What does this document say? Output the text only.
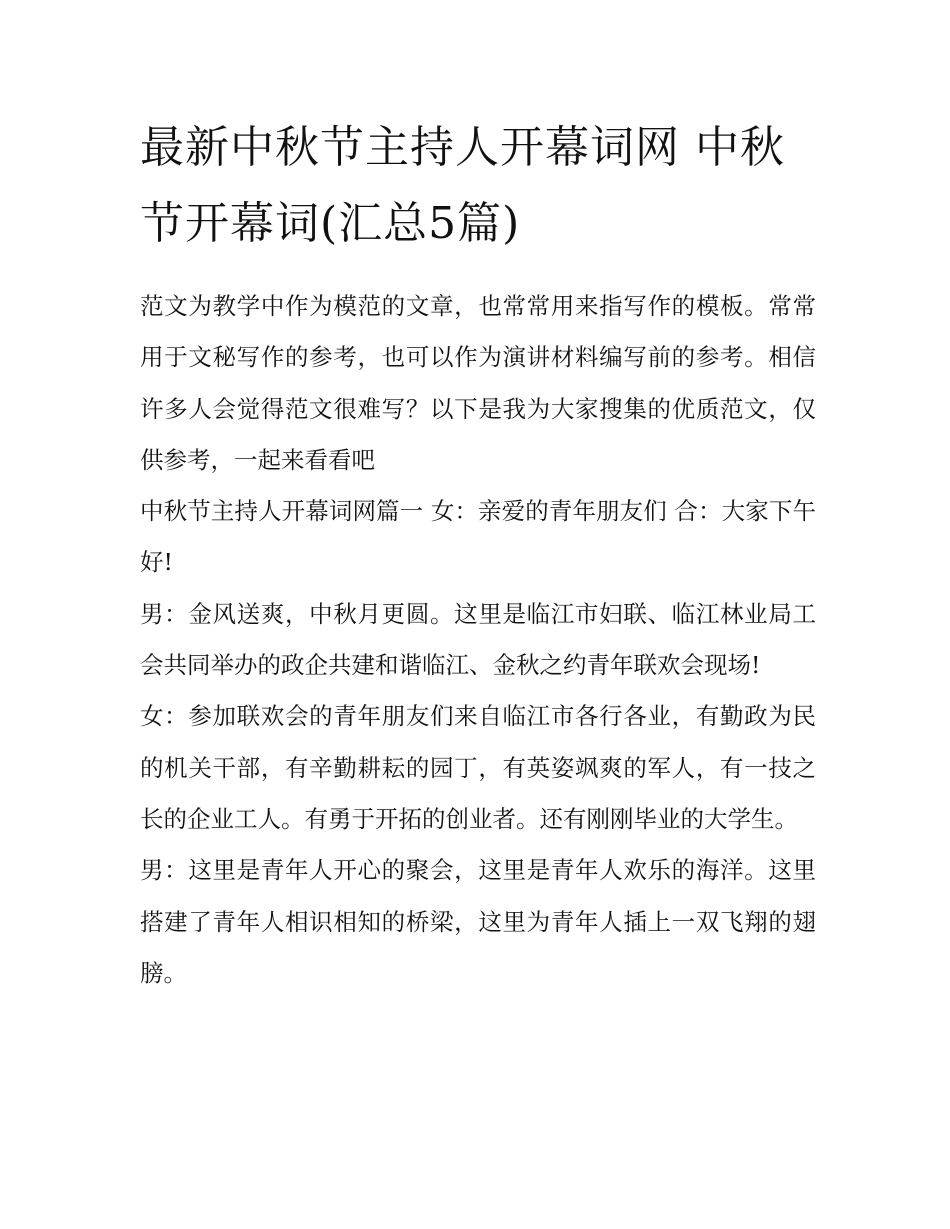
最新中秋节主持人开幕词网 中秋节开幕词(汇总5篇)

范文为教学中作为模范的文章，也常常用来指写作的模板。常常用于文秘写作的参考，也可以作为演讲材料编写前的参考。相信许多人会觉得范文很难写？以下是我为大家搜集的优质范文，仅供参考，一起来看看吧

中秋节主持人开幕词网篇一 女：亲爱的青年朋友们 合：大家下午好!

男：金风送爽，中秋月更圆。这里是临江市妇联、临江林业局工会共同举办的政企共建和谐临江、金秋之约青年联欢会现场!

女：参加联欢会的青年朋友们来自临江市各行各业，有勤政为民的机关干部，有辛勤耕耘的园丁，有英姿飒爽的军人，有一技之长的企业工人。有勇于开拓的创业者。还有刚刚毕业的大学生。

男：这里是青年人开心的聚会，这里是青年人欢乐的海洋。这里搭建了青年人相识相知的桥梁，这里为青年人插上一双飞翔的翅膀。
